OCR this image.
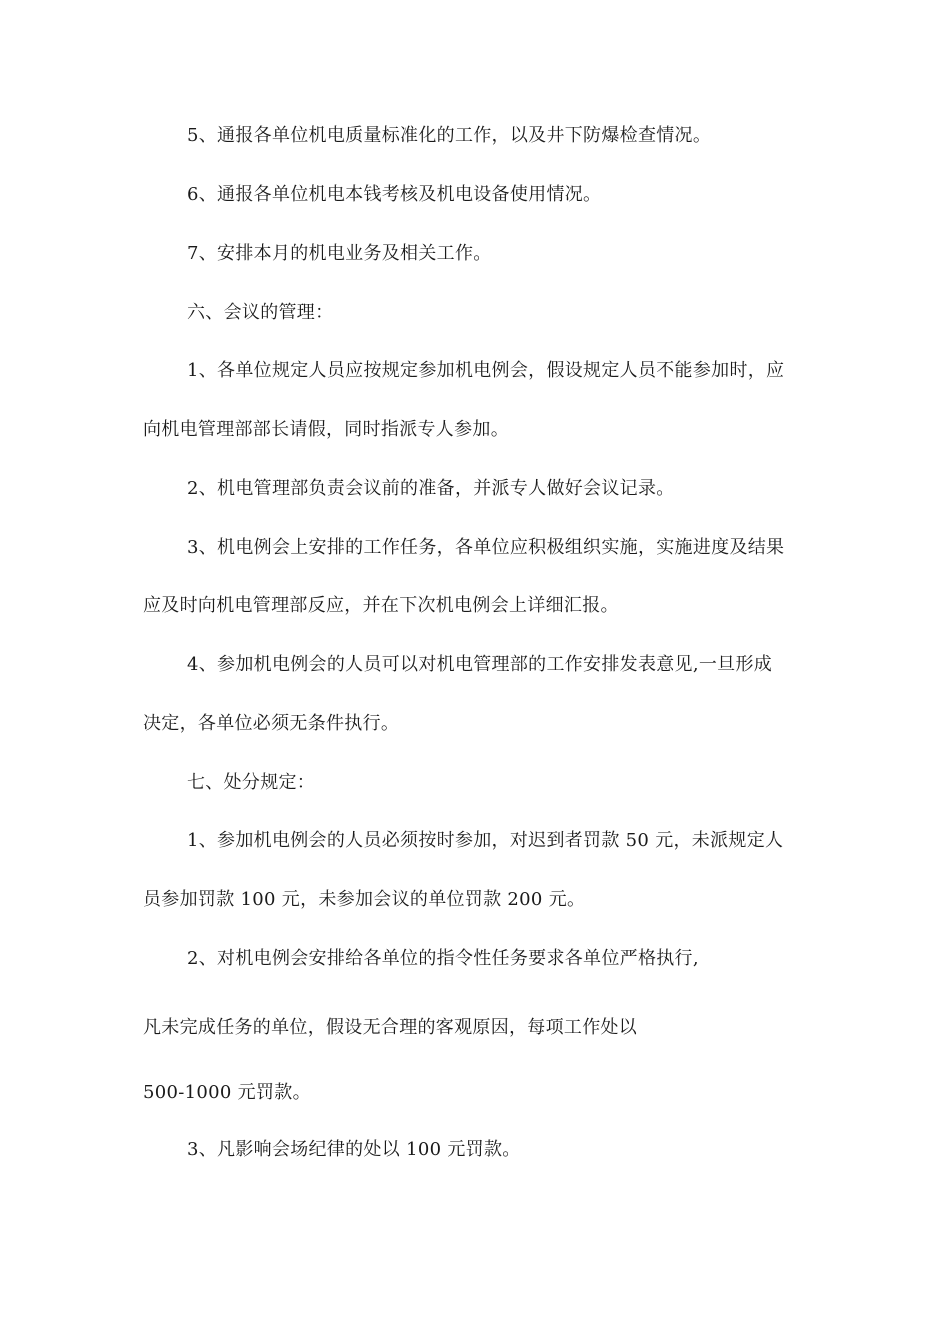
5、通报各单位机电质量标准化的工作，以及井下防爆检查情况。
6、通报各单位机电本钱考核及机电设备使用情况。
7、安排本月的机电业务及相关工作。
六、会议的管理：
1、各单位规定人员应按规定参加机电例会，假设规定人员不能参加时，应
向机电管理部部长请假，同时指派专人参加。
2、机电管理部负责会议前的准备，并派专人做好会议记录。
3、机电例会上安排的工作任务，各单位应积极组织实施，实施进度及结果
应及时向机电管理部反应，并在下次机电例会上详细汇报。
4、参加机电例会的人员可以对机电管理部的工作安排发表意见,一旦形成
决定，各单位必须无条件执行。
七、处分规定：
1、参加机电例会的人员必须按时参加，对迟到者罚款 50 元，未派规定人
员参加罚款 100 元，未参加会议的单位罚款 200 元。
2、对机电例会安排给各单位的指令性任务要求各单位严格执行,
凡未完成任务的单位，假设无合理的客观原因，每项工作处以
500-1000 元罚款。
3、凡影响会场纪律的处以 100 元罚款。
